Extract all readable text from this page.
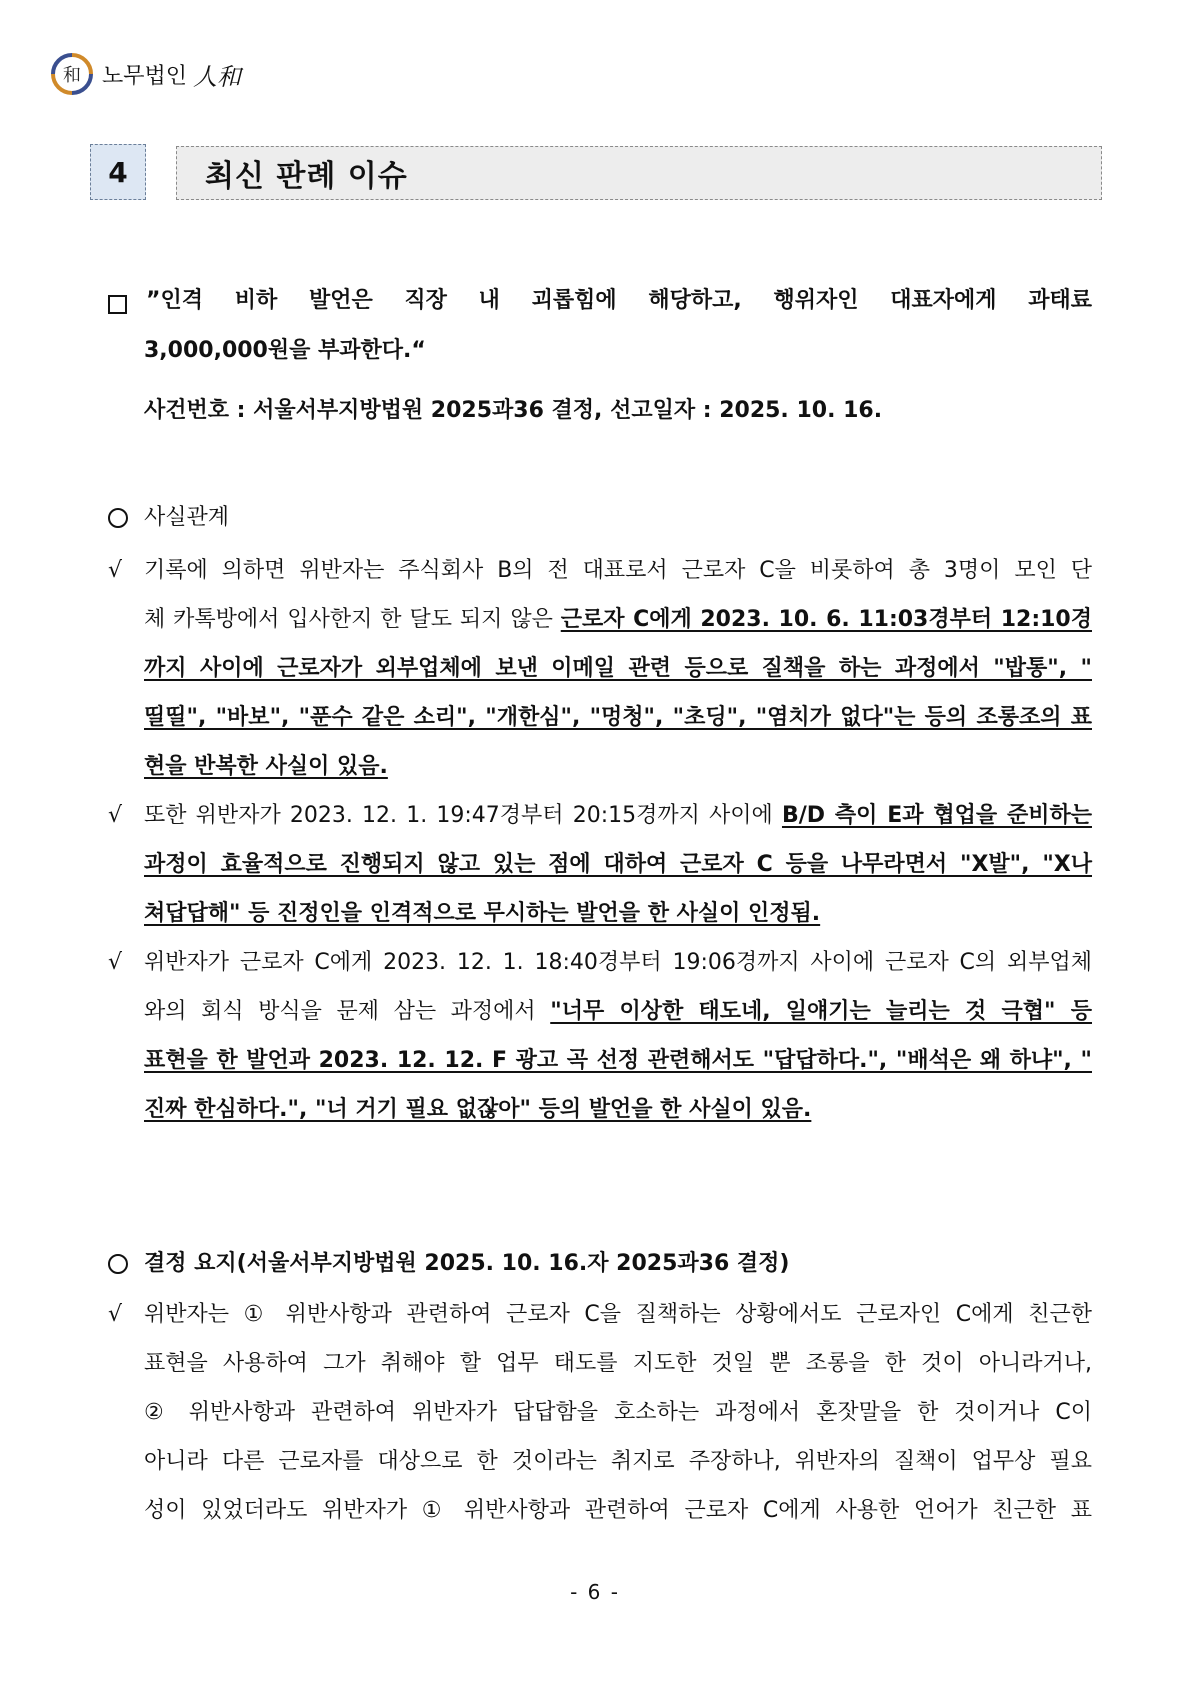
和 노무법인 人和
4	최신 판례 이슈
”인격 비하 발언은 직장 내 괴롭힘에 해당하고, 행위자인 대표자에게 과태료
3,000,000원을 부과한다.“
사건번호 : 서울서부지방법원 2025과36 결정, 선고일자 : 2025. 10. 16.
사실관계
√ 기록에 의하면 위반자는 주식회사 B의 전 대표로서 근로자 C을 비롯하여 총 3명이 모인 단
체 카톡방에서 입사한지 한 달도 되지 않은 근로자 C에게 2023. 10. 6. 11:03경부터 12:10경
까지 사이에 근로자가 외부업체에 보낸 이메일 관련 등으로 질책을 하는 과정에서 "밥통", "
띨띨", "바보", "푼수 같은 소리", "개한심", "멍청", "초딩", "염치가 없다"는 등의 조롱조의 표
현을 반복한 사실이 있음.
√ 또한 위반자가 2023. 12. 1. 19:47경부터 20:15경까지 사이에 B/D 측이 E과 협업을 준비하는
과정이 효율적으로 진행되지 않고 있는 점에 대하여 근로자 C 등을 나무라면서 "X발", "X나
쳐답답해" 등 진정인을 인격적으로 무시하는 발언을 한 사실이 인정됨.
√ 위반자가 근로자 C에게 2023. 12. 1. 18:40경부터 19:06경까지 사이에 근로자 C의 외부업체
와의 회식 방식을 문제 삼는 과정에서 "너무 이상한 태도네, 일얘기는 늘리는 것 극협" 등
표현을 한 발언과 2023. 12. 12. F 광고 곡 선정 관련해서도 "답답하다.", "배석은 왜 하냐", "
진짜 한심하다.", "너 거기 필요 없잖아" 등의 발언을 한 사실이 있음.
결정 요지(서울서부지방법원 2025. 10. 16.자 2025과36 결정)
√ 위반자는 ① 위반사항과 관련하여 근로자 C을 질책하는 상황에서도 근로자인 C에게 친근한
표현을 사용하여 그가 취해야 할 업무 태도를 지도한 것일 뿐 조롱을 한 것이 아니라거나,
② 위반사항과 관련하여 위반자가 답답함을 호소하는 과정에서 혼잣말을 한 것이거나 C이
아니라 다른 근로자를 대상으로 한 것이라는 취지로 주장하나, 위반자의 질책이 업무상 필요
성이 있었더라도 위반자가 ① 위반사항과 관련하여 근로자 C에게 사용한 언어가 친근한 표
- 6 -
